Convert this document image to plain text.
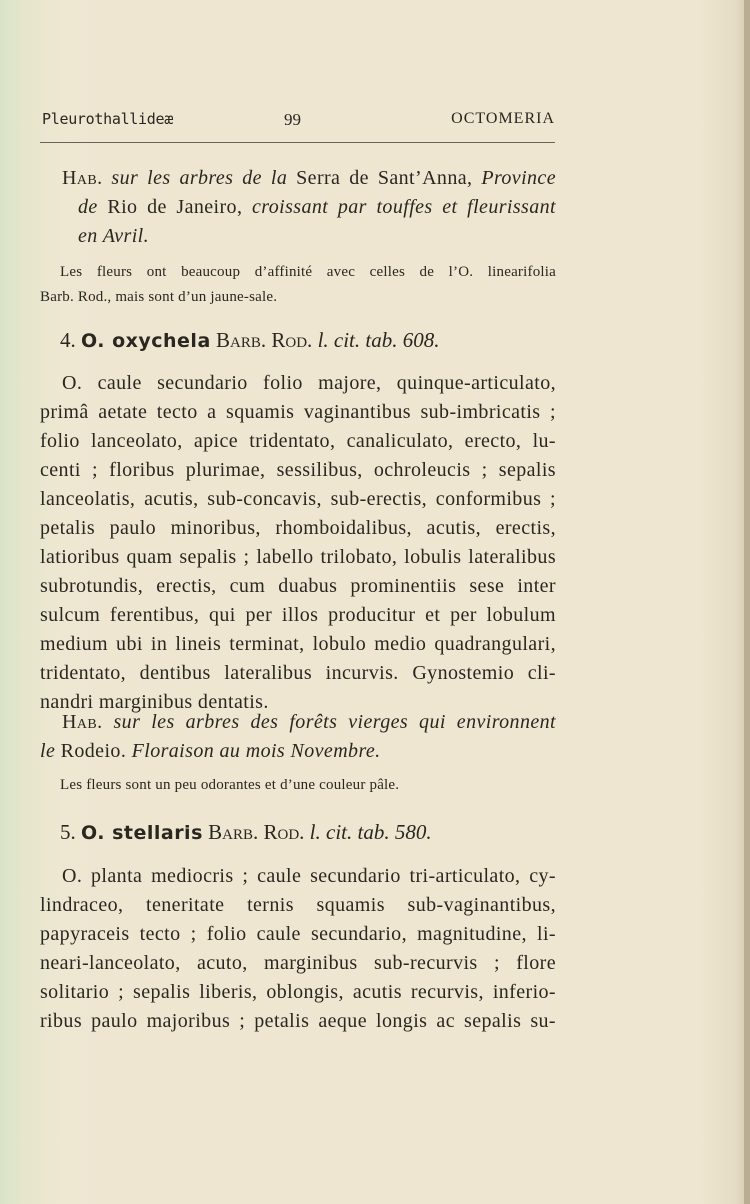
Pleurothallideæ	99	OCTOMERIA
Hab. sur les arbres de la Serra de Sant’Anna, Province
de Rio de Janeiro, croissant par touffes et fleurissant
en Avril.
Les fleurs ont beaucoup d’affinité avec celles de l’O. linearifolia
Barb. Rod., mais sont d’un jaune-sale.
4. O. oxychela Barb. Rod. l. cit. tab. 608.
O. caule secundario folio majore, quinque-articulato,
primâ aetate tecto a squamis vaginantibus sub-imbricatis ;
folio lanceolato, apice tridentato, canaliculato, erecto, lu-
centi ; floribus plurimae, sessilibus, ochroleucis ; sepalis
lanceolatis, acutis, sub-concavis, sub-erectis, conformibus ;
petalis paulo minoribus, rhomboidalibus, acutis, erectis,
latioribus quam sepalis ; labello trilobato, lobulis lateralibus
subrotundis, erectis, cum duabus prominentiis sese inter
sulcum ferentibus, qui per illos producitur et per lobulum
medium ubi in lineis terminat, lobulo medio quadrangulari,
tridentato, dentibus lateralibus incurvis. Gynostemio cli-
nandri marginibus dentatis.
Hab. sur les arbres des forêts vierges qui environnent
le Rodeio. Floraison au mois Novembre.
Les fleurs sont un peu odorantes et d’une couleur pâle.
5. O. stellaris Barb. Rod. l. cit. tab. 580.
O. planta mediocris ; caule secundario tri-articulato, cy-
lindraceo, teneritate ternis squamis sub-vaginantibus,
papyraceis tecto ; folio caule secundario, magnitudine, li-
neari-lanceolato, acuto, marginibus sub-recurvis ; flore
solitario ; sepalis liberis, oblongis, acutis recurvis, inferio-
ribus paulo majoribus ; petalis aeque longis ac sepalis su-
